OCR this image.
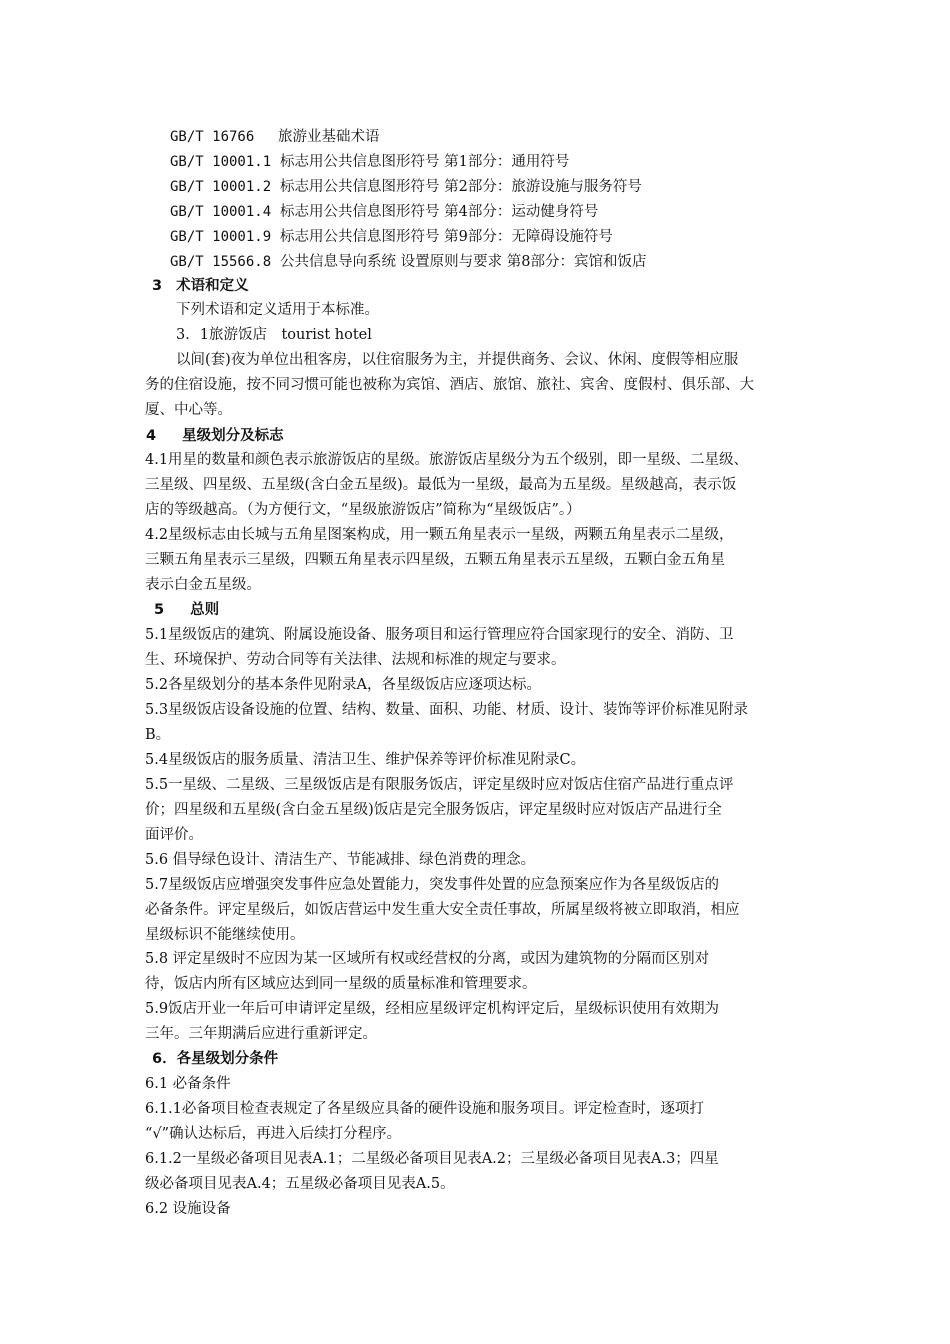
GB/T 16766 旅游业基础术语
GB/T 10001.1 标志用公共信息图形符号 第1部分：通用符号
GB/T 10001.2 标志用公共信息图形符号 第2部分：旅游设施与服务符号
GB/T 10001.4 标志用公共信息图形符号 第4部分：运动健身符号
GB/T 10001.9 标志用公共信息图形符号 第9部分：无障碍设施符号
GB/T 15566.8 公共信息导向系统 设置原则与要求 第8部分：宾馆和饭店
3 术语和定义

下列术语和定义适用于本标准。

3．1旅游饭店　tourist hotel

以间(套)夜为单位出租客房，以住宿服务为主，并提供商务、会议、休闲、度假等相应服

务的住宿设施，按不同习惯可能也被称为宾馆、酒店、旅馆、旅社、宾舍、度假村、俱乐部、大

厦、中心等。

4 星级划分及标志

4.1用星的数量和颜色表示旅游饭店的星级。旅游饭店星级分为五个级别，即一星级、二星级、

三星级、四星级、五星级(含白金五星级)。最低为一星级，最高为五星级。星级越高，表示饭

店的等级越高。（为方便行文，“星级旅游饭店”简称为“星级饭店”。）

4.2星级标志由长城与五角星图案构成，用一颗五角星表示一星级，两颗五角星表示二星级，

三颗五角星表示三星级，四颗五角星表示四星级，五颗五角星表示五星级，五颗白金五角星

表示白金五星级。

5 总则

5.1星级饭店的建筑、附属设施设备、服务项目和运行管理应符合国家现行的安全、消防、卫

生、环境保护、劳动合同等有关法律、法规和标准的规定与要求。

5.2各星级划分的基本条件见附录A，各星级饭店应逐项达标。

5.3星级饭店设备设施的位置、结构、数量、面积、功能、材质、设计、装饰等评价标准见附录

B。

5.4星级饭店的服务质量、清洁卫生、维护保养等评价标准见附录C。

5.5一星级、二星级、三星级饭店是有限服务饭店，评定星级时应对饭店住宿产品进行重点评

价；四星级和五星级(含白金五星级)饭店是完全服务饭店，评定星级时应对饭店产品进行全

面评价。

5.6 倡导绿色设计、清洁生产、节能减排、绿色消费的理念。

5.7星级饭店应增强突发事件应急处置能力，突发事件处置的应急预案应作为各星级饭店的

必备条件。评定星级后，如饭店营运中发生重大安全责任事故，所属星级将被立即取消，相应

星级标识不能继续使用。

5.8 评定星级时不应因为某一区域所有权或经营权的分离，或因为建筑物的分隔而区别对

待，饭店内所有区域应达到同一星级的质量标准和管理要求。

5.9饭店开业一年后可申请评定星级，经相应星级评定机构评定后，星级标识使用有效期为

三年。三年期满后应进行重新评定。

6．各星级划分条件

6.1 必备条件

6.1.1必备项目检查表规定了各星级应具备的硬件设施和服务项目。评定检查时，逐项打

“√”确认达标后，再进入后续打分程序。

6.1.2一星级必备项目见表A.1；二星级必备项目见表A.2；三星级必备项目见表A.3；四星

级必备项目见表A.4；五星级必备项目见表A.5。

6.2 设施设备
